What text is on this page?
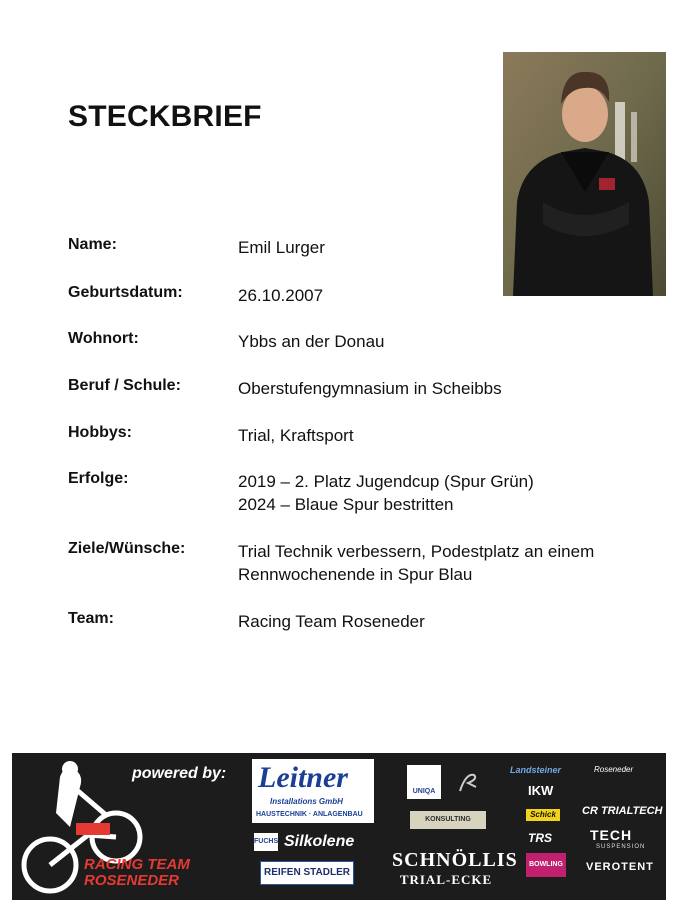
STECKBRIEF
Name:	Emil Lurger
Geburtsdatum:	26.10.2007
Wohnort:	Ybbs an der Donau
Beruf / Schule:	Oberstufengymnasium in Scheibbs
Hobbys:	Trial, Kraftsport
Erfolge:	2019 – 2. Platz Jugendcup (Spur Grün)
2024 – Blaue Spur bestritten
Ziele/Wünsche:	Trial Technik verbessern, Podestplatz an einem
Rennwochenende in Spur Blau
Team:	Racing Team Roseneder
powered by:
RACING TEAM
ROSENEDER
Leitner
Installations GmbH
HAUSTECHNIK · ANLAGENBAU
FUCHS Silkolene
REIFEN STADLER
UNIQA
KONSULTING
SCHNÖLLIS
TRIAL-ECKE
Landsteiner
IKW
Schick
TRS
BOWLING
Roseneder
CR TRIALTECH
TECH
SUSPENSION
VEROTENT
